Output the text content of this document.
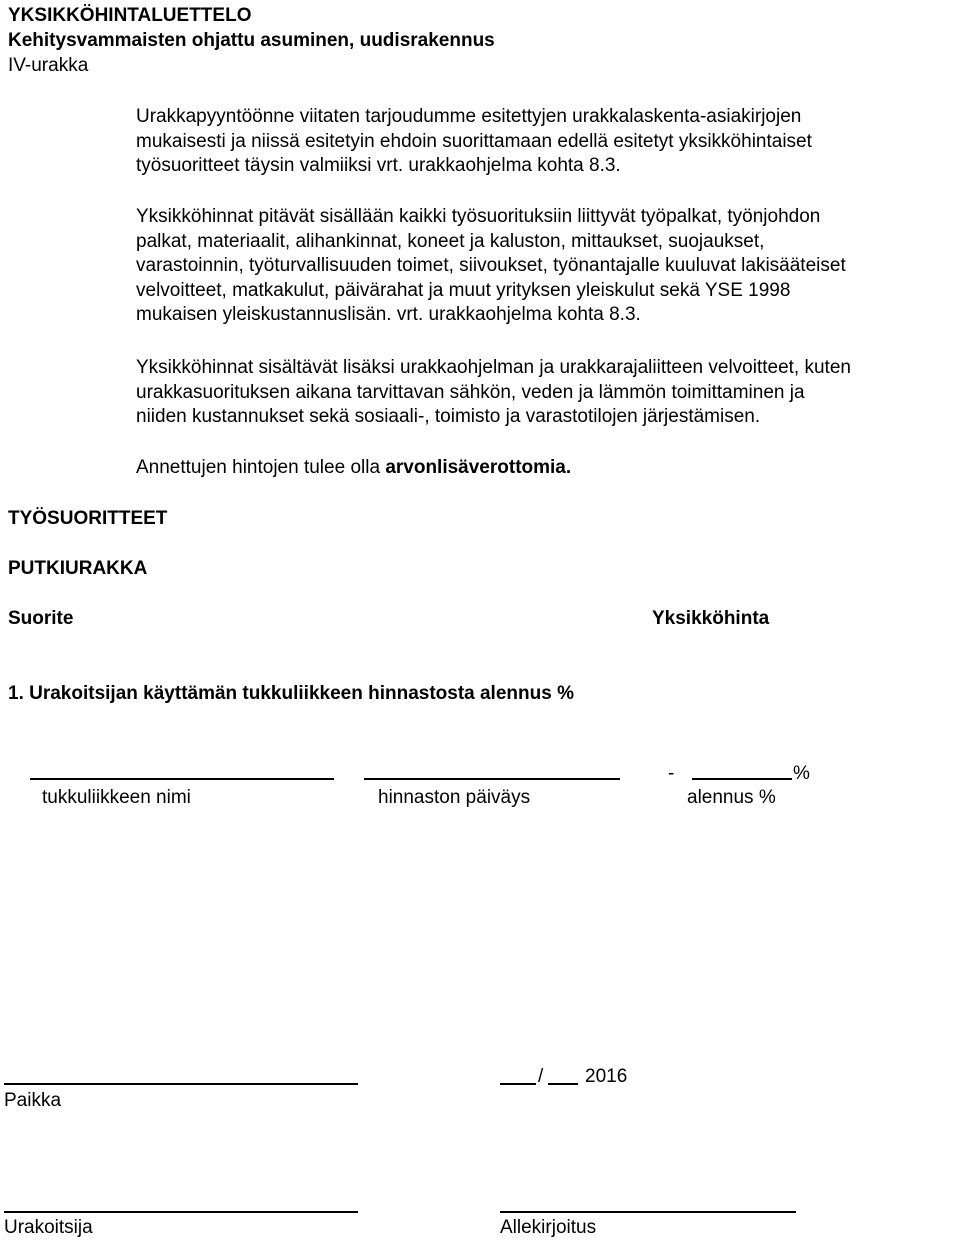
YKSIKKÖHINTALUETTELO
Kehitysvammaisten ohjattu asuminen, uudisrakennus
IV-urakka
Urakkapyyntöönne viitaten tarjoudumme esitettyjen urakkalaskenta-asiakirjojen
mukaisesti ja niissä esitetyin ehdoin suorittamaan edellä esitetyt yksikköhintaiset
työsuoritteet täysin valmiiksi vrt. urakkaohjelma kohta 8.3.
Yksikköhinnat pitävät sisällään kaikki työsuorituksiin liittyvät työpalkat, työnjohdon
palkat, materiaalit, alihankinnat, koneet ja kaluston, mittaukset, suojaukset,
varastoinnin, työturvallisuuden toimet, siivoukset, työnantajalle kuuluvat lakisääteiset
velvoitteet, matkakulut, päivärahat ja muut yrityksen yleiskulut sekä YSE 1998
mukaisen yleiskustannuslisän. vrt. urakkaohjelma kohta 8.3.
Yksikköhinnat sisältävät lisäksi urakkaohjelman ja urakkarajaliitteen velvoitteet, kuten
urakkasuorituksen aikana tarvittavan sähkön, veden ja lämmön toimittaminen ja
niiden kustannukset sekä sosiaali-, toimisto ja varastotilojen järjestämisen.
Annettujen hintojen tulee olla arvonlisäverottomia.
TYÖSUORITTEET
PUTKIURAKKA
Suorite	Yksikköhinta
1. Urakoitsijan käyttämän tukkuliikkeen hinnastosta alennus %
-	%
tukkuliikkeen nimi	hinnaston päiväys	alennus %
/ 2016
Paikka
Urakoitsija	Allekirjoitus
